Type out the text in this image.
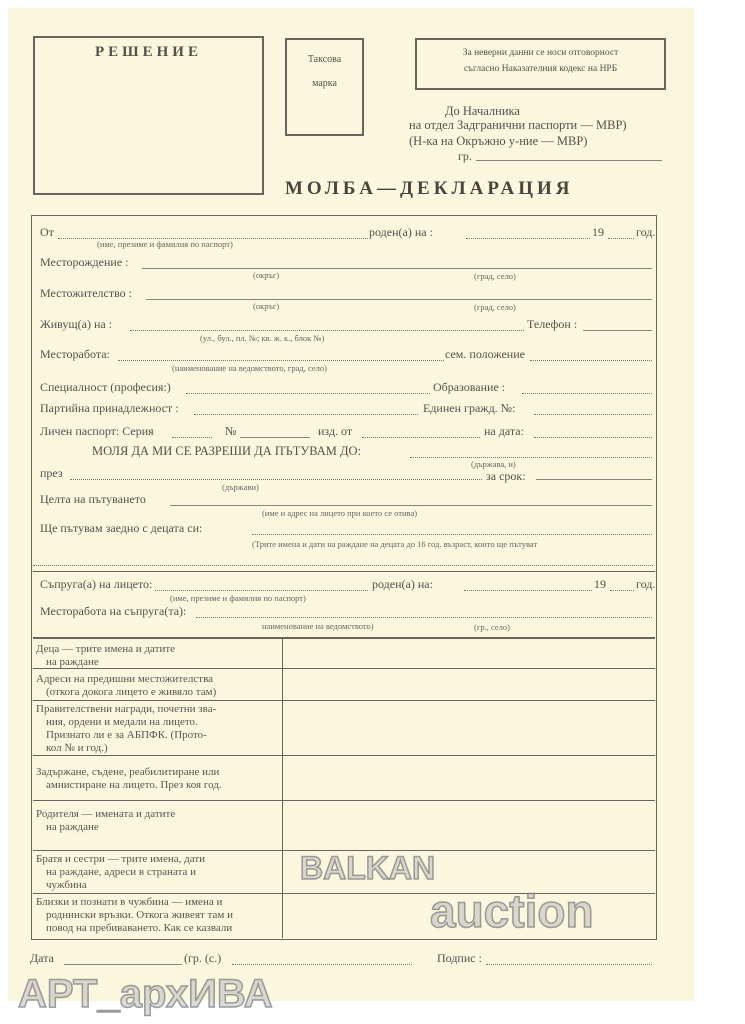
РЕШЕНИЕ	Таксова
марка
За неверни данни се носи отговорност
съгласно Наказателния кодекс на НРБ
До Началника
на отдел Задгранични паспорти — МВР)
(Н-ка на Окръжно у-ние — МВР)
гр.
МОЛБА—ДЕКЛАРАЦИЯ
От	роден(а) на :	19	год.
(име, презиме и фамилия по паспорт)
Месторождение :
(окръг)	(град, село)
Местожителство :
(окръг)	(град, село)
Живущ(а) на :	Телефон :
(ул., бул., пл. №; кв. ж. к., блок №)
Месторабота:	сем. положение
(наименование на ведомството, град, село)
Специалност (професия:)	Образование :
Партийна принадлежност :	Единен гражд. №:
Личен паспорт: Серия	№	изд. от	на дата:
МОЛЯ ДА МИ СЕ РАЗРЕШИ ДА ПЪТУВАМ ДО:
(държава, и)
през	за срок:
(държави)
Целта на пътуването
(име и адрес на лицето при което се отива)
Ще пътувам заедно с децата си:
(Трите имена и дати на раждане на децата до 16 год. възраст, които ще пътуват
Съпруга(а) на лицето:	роден(а) на:	19	год.
(име, презиме и фамилия по паспорт)
Месторабота на съпруга(та):
наименование на ведомството)	(гр., село)
Деца — трите имена и датите
на раждане
Адреси на предишни местожителства
(откога докога лицето е живяло там)
Правителствени награди, почетни зва-
ния, ордени и медали на лицето.
Признато ли е за АБПФК. (Прото-
кол № и год.)
Задържане, съдене, реабилитиране или
амнистиране на лицето. През коя год.
Родителя — имената и датите
на раждане
Братя и сестри — трите имена, дати
на раждане, адреси в страната и
чужбина
Близки и познати в чужбина — имена и
роднински връзки. Откога живеят там и
повод на пребиваването. Как се казвали
Дата	(гр. (с.)	Подпис :
BALKAN
auction
АРТ_архИВА
